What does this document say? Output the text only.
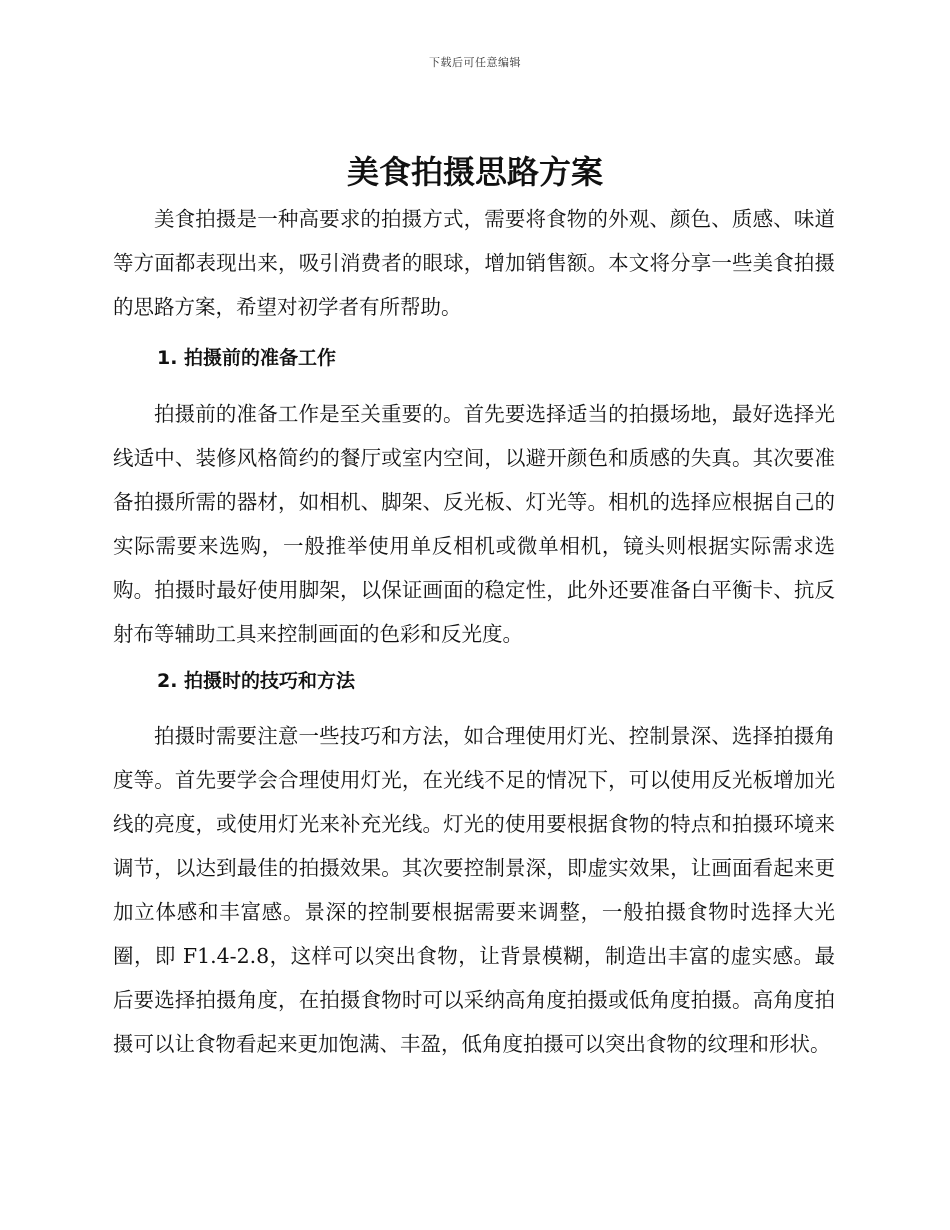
下载后可任意编辑
美食拍摄思路方案

美食拍摄是一种高要求的拍摄方式，需要将食物的外观、颜色、质感、味道等方面都表现出来，吸引消费者的眼球，增加销售额。本文将分享一些美食拍摄的思路方案，希望对初学者有所帮助。

1. 拍摄前的准备工作

拍摄前的准备工作是至关重要的。首先要选择适当的拍摄场地，最好选择光线适中、装修风格简约的餐厅或室内空间，以避开颜色和质感的失真。其次要准备拍摄所需的器材，如相机、脚架、反光板、灯光等。相机的选择应根据自己的实际需要来选购，一般推举使用单反相机或微单相机，镜头则根据实际需求选购。拍摄时最好使用脚架，以保证画面的稳定性，此外还要准备白平衡卡、抗反射布等辅助工具来控制画面的色彩和反光度。

2. 拍摄时的技巧和方法

拍摄时需要注意一些技巧和方法，如合理使用灯光、控制景深、选择拍摄角度等。首先要学会合理使用灯光，在光线不足的情况下，可以使用反光板增加光线的亮度，或使用灯光来补充光线。灯光的使用要根据食物的特点和拍摄环境来调节，以达到最佳的拍摄效果。其次要控制景深，即虚实效果，让画面看起来更加立体感和丰富感。景深的控制要根据需要来调整，一般拍摄食物时选择大光圈，即 F1.4-2.8，这样可以突出食物，让背景模糊，制造出丰富的虚实感。最后要选择拍摄角度，在拍摄食物时可以采纳高角度拍摄或低角度拍摄。高角度拍摄可以让食物看起来更加饱满、丰盈，低角度拍摄可以突出食物的纹理和形状。
